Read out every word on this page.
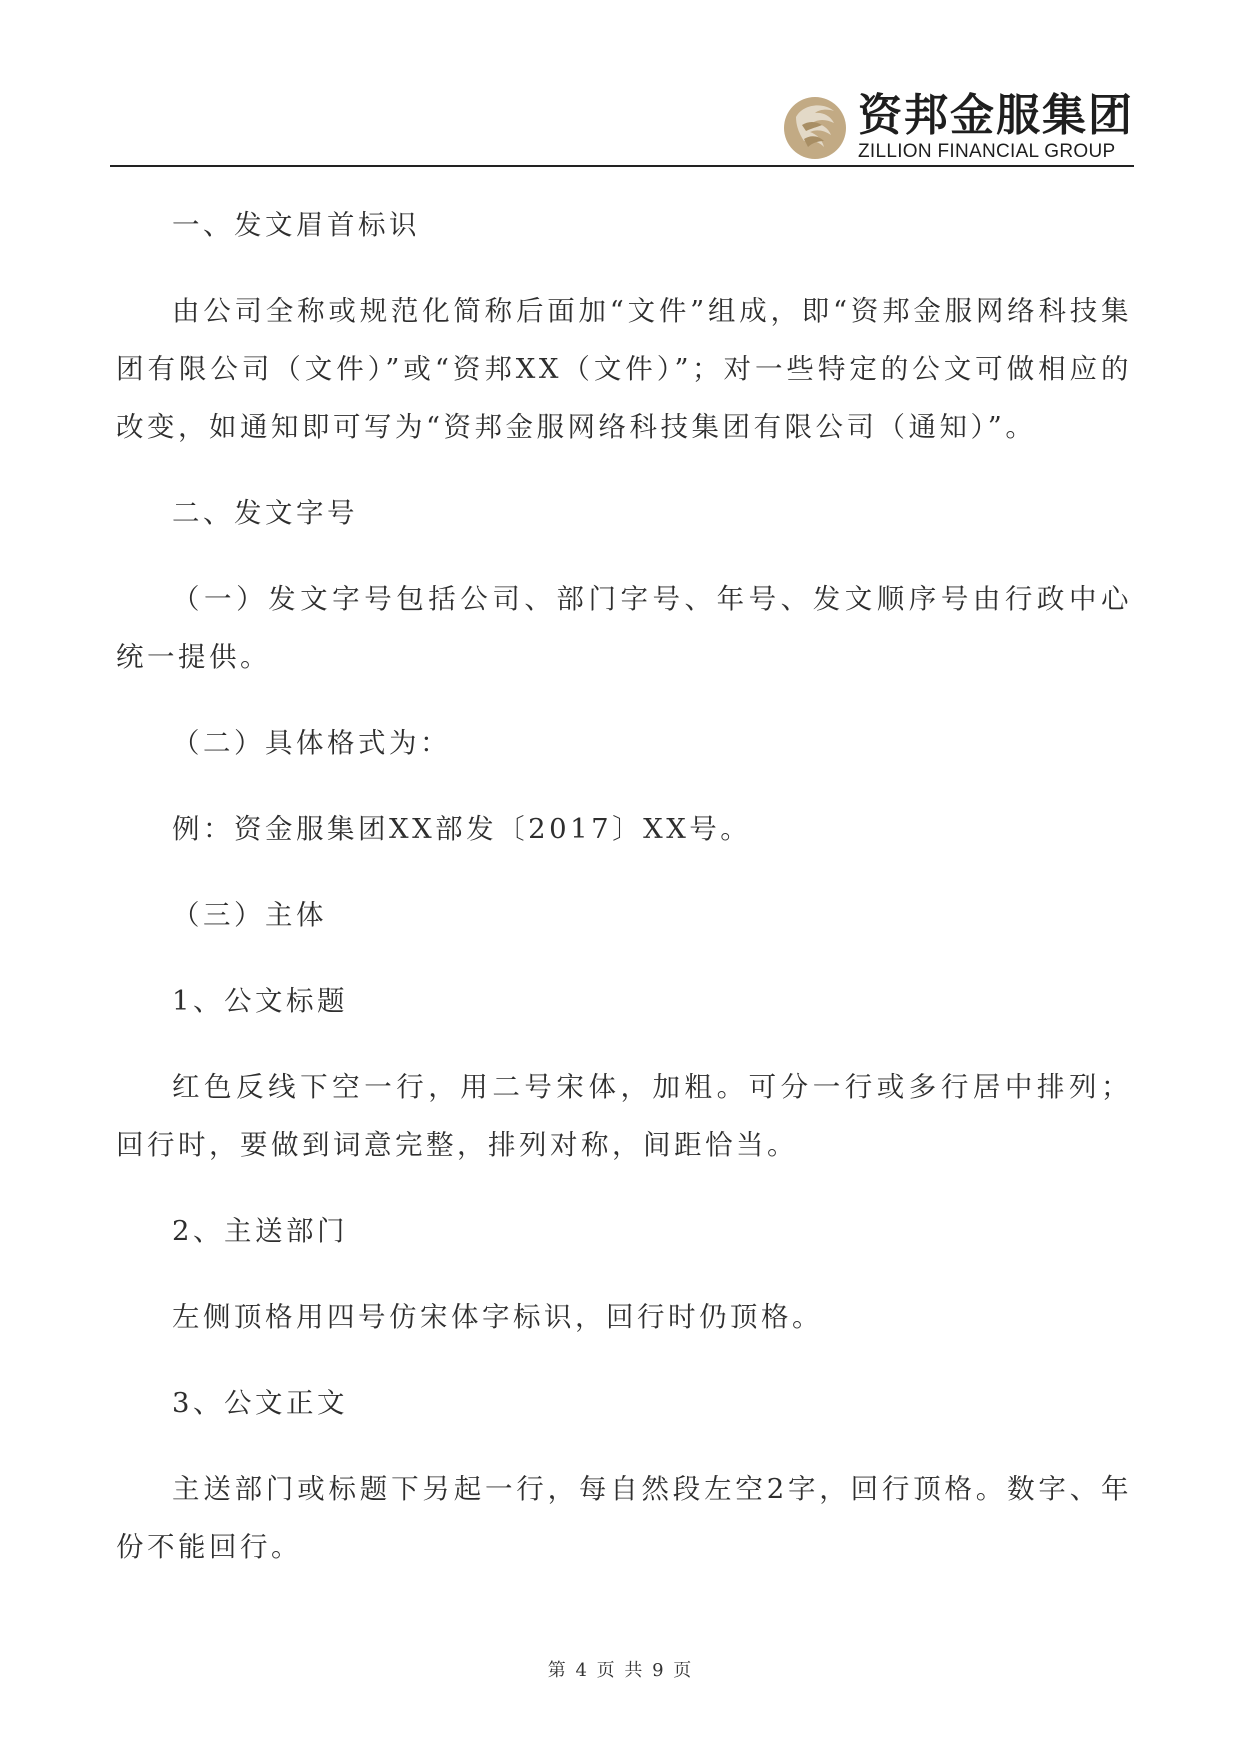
资邦金服集团
ZILLION FINANCIAL GROUP

一、发文眉首标识

由公司全称或规范化简称后面加“文件”组成，即“资邦金服网络科技集团有限公司（文件）”或“资邦XX（文件）”；对一些特定的公文可做相应的改变，如通知即可写为“资邦金服网络科技集团有限公司（通知）”。

二、发文字号

（一）发文字号包括公司、部门字号、年号、发文顺序号由行政中心统一提供。

（二）具体格式为：

例：资金服集团XX部发〔2017〕XX号。

（三）主体

1、公文标题

红色反线下空一行，用二号宋体，加粗。可分一行或多行居中排列；回行时，要做到词意完整，排列对称，间距恰当。

2、主送部门

左侧顶格用四号仿宋体字标识，回行时仍顶格。

3、公文正文

主送部门或标题下另起一行，每自然段左空2字，回行顶格。数字、年份不能回行。

第 4 页 共 9 页
